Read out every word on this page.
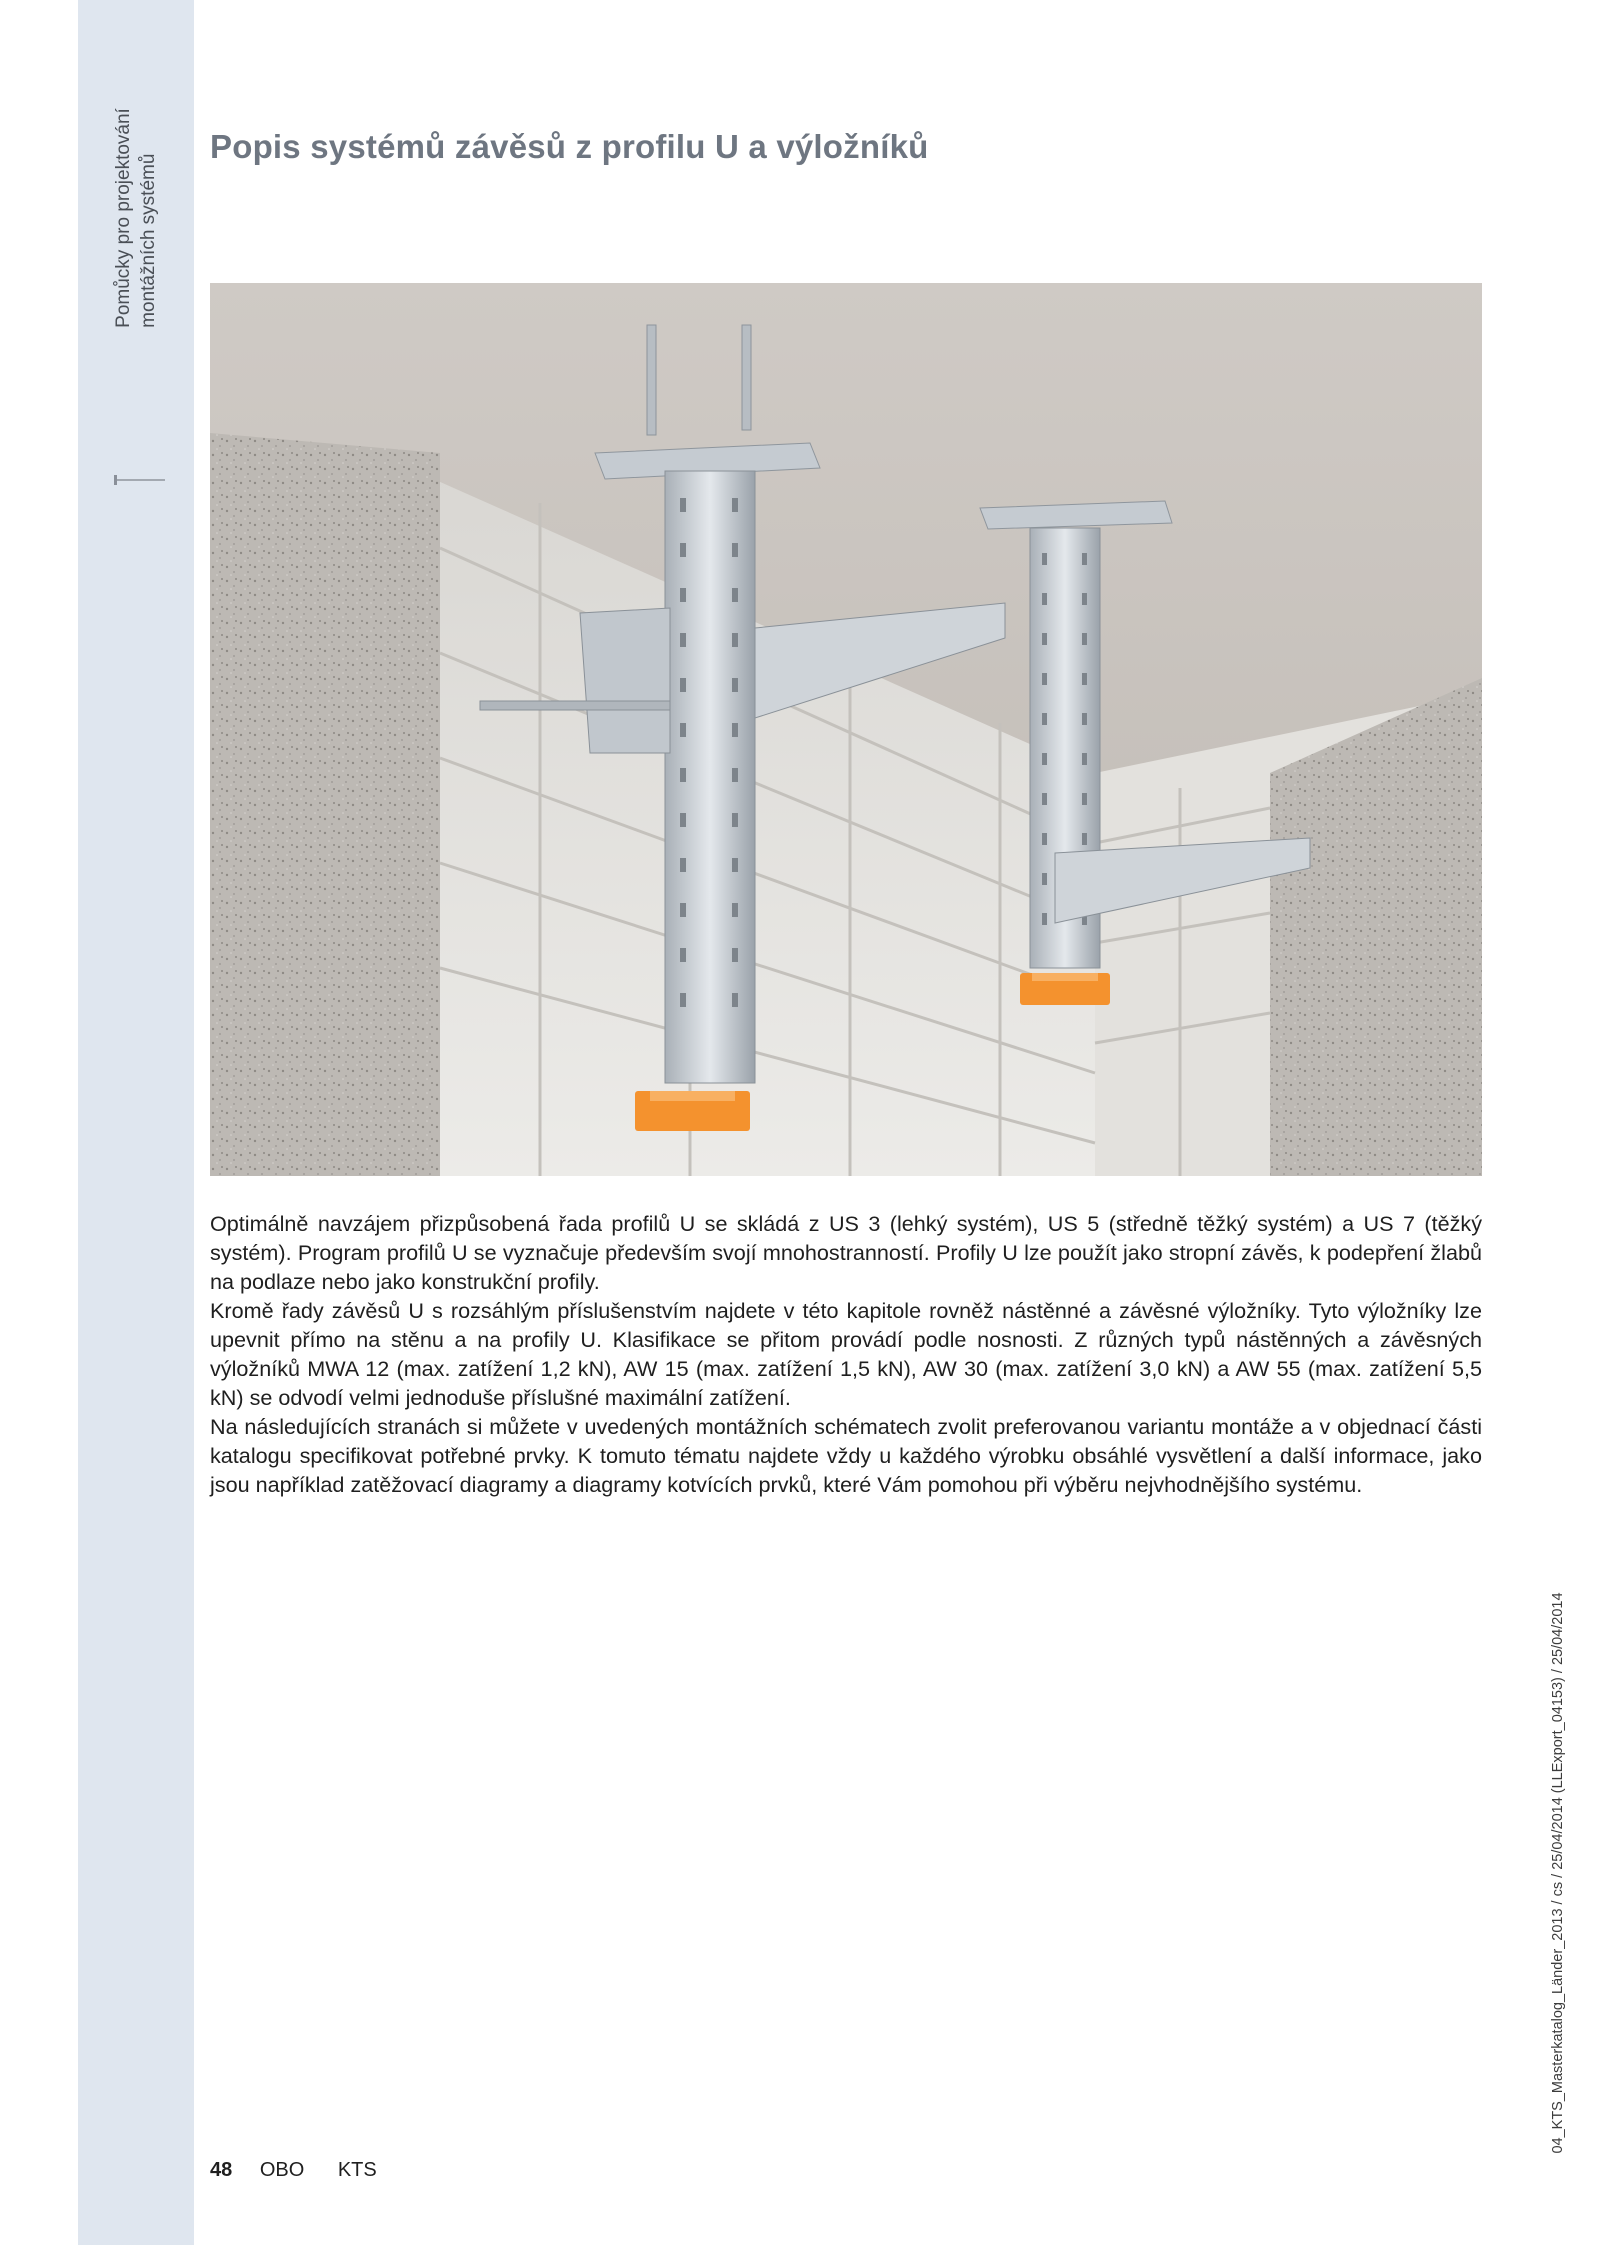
Pomůcky pro projektování montážních systémů
Popis systémů závěsů z profilu U a výložníků

Optimálně navzájem přizpůsobená řada profilů U se skládá z US 3 (lehký systém), US 5 (středně těžký systém) a US 7 (těžký systém). Program profilů U se vyznačuje především svojí mnohostranností. Profily U lze použít jako stropní závěs, k podepření žlabů na podlaze nebo jako konstrukční profily.

Kromě řady závěsů U s rozsáhlým příslušenstvím najdete v této kapitole rovněž nástěnné a závěsné výložníky. Tyto výložníky lze upevnit přímo na stěnu a na profily U. Klasifikace se přitom provádí podle nosnosti. Z různých typů nástěnných a závěsných výložníků MWA 12 (max. zatížení 1,2 kN), AW 15 (max. zatížení 1,5 kN), AW 30 (max. zatížení 3,0 kN) a AW 55 (max. zatížení 5,5 kN) se odvodí velmi jednoduše příslušné maximální zatížení.

Na následujících stranách si můžete v uvedených montážních schématech zvolit preferovanou variantu montáže a v objednací části katalogu specifikovat potřebné prvky. K tomuto tématu najdete vždy u každého výrobku obsáhlé vysvětlení a další informace, jako jsou například zatěžovací diagramy a diagramy kotvících prvků, které Vám pomohou při výběru nejvhodnějšího systému.

48 OBO KTS
04_KTS_Masterkatalog_Länder_2013 / cs / 25/04/2014 (LLExport_04153) / 25/04/2014
